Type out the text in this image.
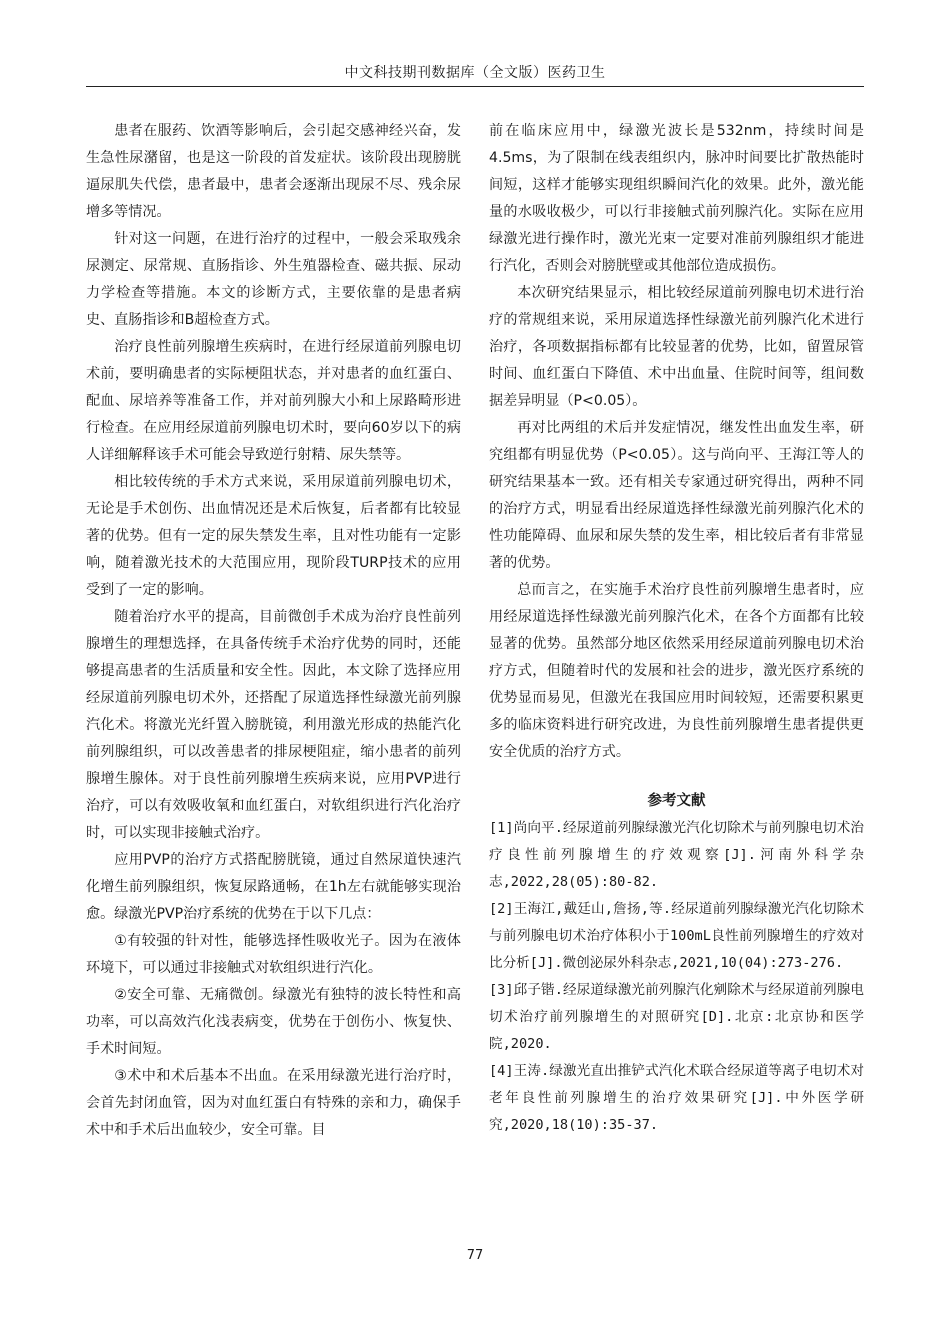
中文科技期刊数据库（全文版）医药卫生

患者在服药、饮酒等影响后，会引起交感神经兴奋，发生急性尿潴留，也是这一阶段的首发症状。该阶段出现膀胱逼尿肌失代偿，患者最中，患者会逐渐出现尿不尽、残余尿增多等情况。

针对这一问题，在进行治疗的过程中，一般会采取残余尿测定、尿常规、直肠指诊、外生殖器检查、磁共振、尿动力学检查等措施。本文的诊断方式，主要依靠的是患者病史、直肠指诊和B超检查方式。

治疗良性前列腺增生疾病时，在进行经尿道前列腺电切术前，要明确患者的实际梗阻状态，并对患者的血红蛋白、配血、尿培养等准备工作，并对前列腺大小和上尿路畸形进行检查。在应用经尿道前列腺电切术时，要向60岁以下的病人详细解释该手术可能会导致逆行射精、尿失禁等。

相比较传统的手术方式来说，采用尿道前列腺电切术，无论是手术创伤、出血情况还是术后恢复，后者都有比较显著的优势。但有一定的尿失禁发生率，且对性功能有一定影响，随着激光技术的大范围应用，现阶段TURP技术的应用受到了一定的影响。

随着治疗水平的提高，目前微创手术成为治疗良性前列腺增生的理想选择，在具备传统手术治疗优势的同时，还能够提高患者的生活质量和安全性。因此，本文除了选择应用经尿道前列腺电切术外，还搭配了尿道选择性绿激光前列腺汽化术。将激光光纤置入膀胱镜，利用激光形成的热能汽化前列腺组织，可以改善患者的排尿梗阻症，缩小患者的前列腺增生腺体。对于良性前列腺增生疾病来说，应用PVP进行治疗，可以有效吸收氧和血红蛋白，对软组织进行汽化治疗时，可以实现非接触式治疗。

应用PVP的治疗方式搭配膀胱镜，通过自然尿道快速汽化增生前列腺组织，恢复尿路通畅，在1h左右就能够实现治愈。绿激光PVP治疗系统的优势在于以下几点：

①有较强的针对性，能够选择性吸收光子。因为在液体环境下，可以通过非接触式对软组织进行汽化。

②安全可靠、无痛微创。绿激光有独特的波长特性和高功率，可以高效汽化浅表病变，优势在于创伤小、恢复快、手术时间短。

③术中和术后基本不出血。在采用绿激光进行治疗时，会首先封闭血管，因为对血红蛋白有特殊的亲和力，确保手术中和手术后出血较少，安全可靠。目

前在临床应用中，绿激光波长是532nm，持续时间是4.5ms，为了限制在线表组织内，脉冲时间要比扩散热能时间短，这样才能够实现组织瞬间汽化的效果。此外，激光能量的水吸收极少，可以行非接触式前列腺汽化。实际在应用绿激光进行操作时，激光光束一定要对准前列腺组织才能进行汽化，否则会对膀胱壁或其他部位造成损伤。

本次研究结果显示，相比较经尿道前列腺电切术进行治疗的常规组来说，采用尿道选择性绿激光前列腺汽化术进行治疗，各项数据指标都有比较显著的优势，比如，留置尿管时间、血红蛋白下降值、术中出血量、住院时间等，组间数据差异明显（P<0.05）。

再对比两组的术后并发症情况，继发性出血发生率，研究组都有明显优势（P<0.05）。这与尚向平、王海江等人的研究结果基本一致。还有相关专家通过研究得出，两种不同的治疗方式，明显看出经尿道选择性绿激光前列腺汽化术的性功能障碍、血尿和尿失禁的发生率，相比较后者有非常显著的优势。

总而言之，在实施手术治疗良性前列腺增生患者时，应用经尿道选择性绿激光前列腺汽化术，在各个方面都有比较显著的优势。虽然部分地区依然采用经尿道前列腺电切术治疗方式，但随着时代的发展和社会的进步，激光医疗系统的优势显而易见，但激光在我国应用时间较短，还需要积累更多的临床资料进行研究改进，为良性前列腺增生患者提供更安全优质的治疗方式。

参考文献

[1]尚向平.经尿道前列腺绿激光汽化切除术与前列腺电切术治疗良性前列腺增生的疗效观察[J].河南外科学杂志,2022,28(05):80-82.

[2]王海江,戴廷山,詹扬,等.经尿道前列腺绿激光汽化切除术与前列腺电切术治疗体积小于100mL良性前列腺增生的疗效对比分析[J].微创泌尿外科杂志,2021,10(04):273-276.

[3]邱子锴.经尿道绿激光前列腺汽化剜除术与经尿道前列腺电切术治疗前列腺增生的对照研究[D].北京:北京协和医学院,2020.

[4]王涛.绿激光直出推铲式汽化术联合经尿道等离子电切术对老年良性前列腺增生的治疗效果研究[J].中外医学研究,2020,18(10):35-37.

77
